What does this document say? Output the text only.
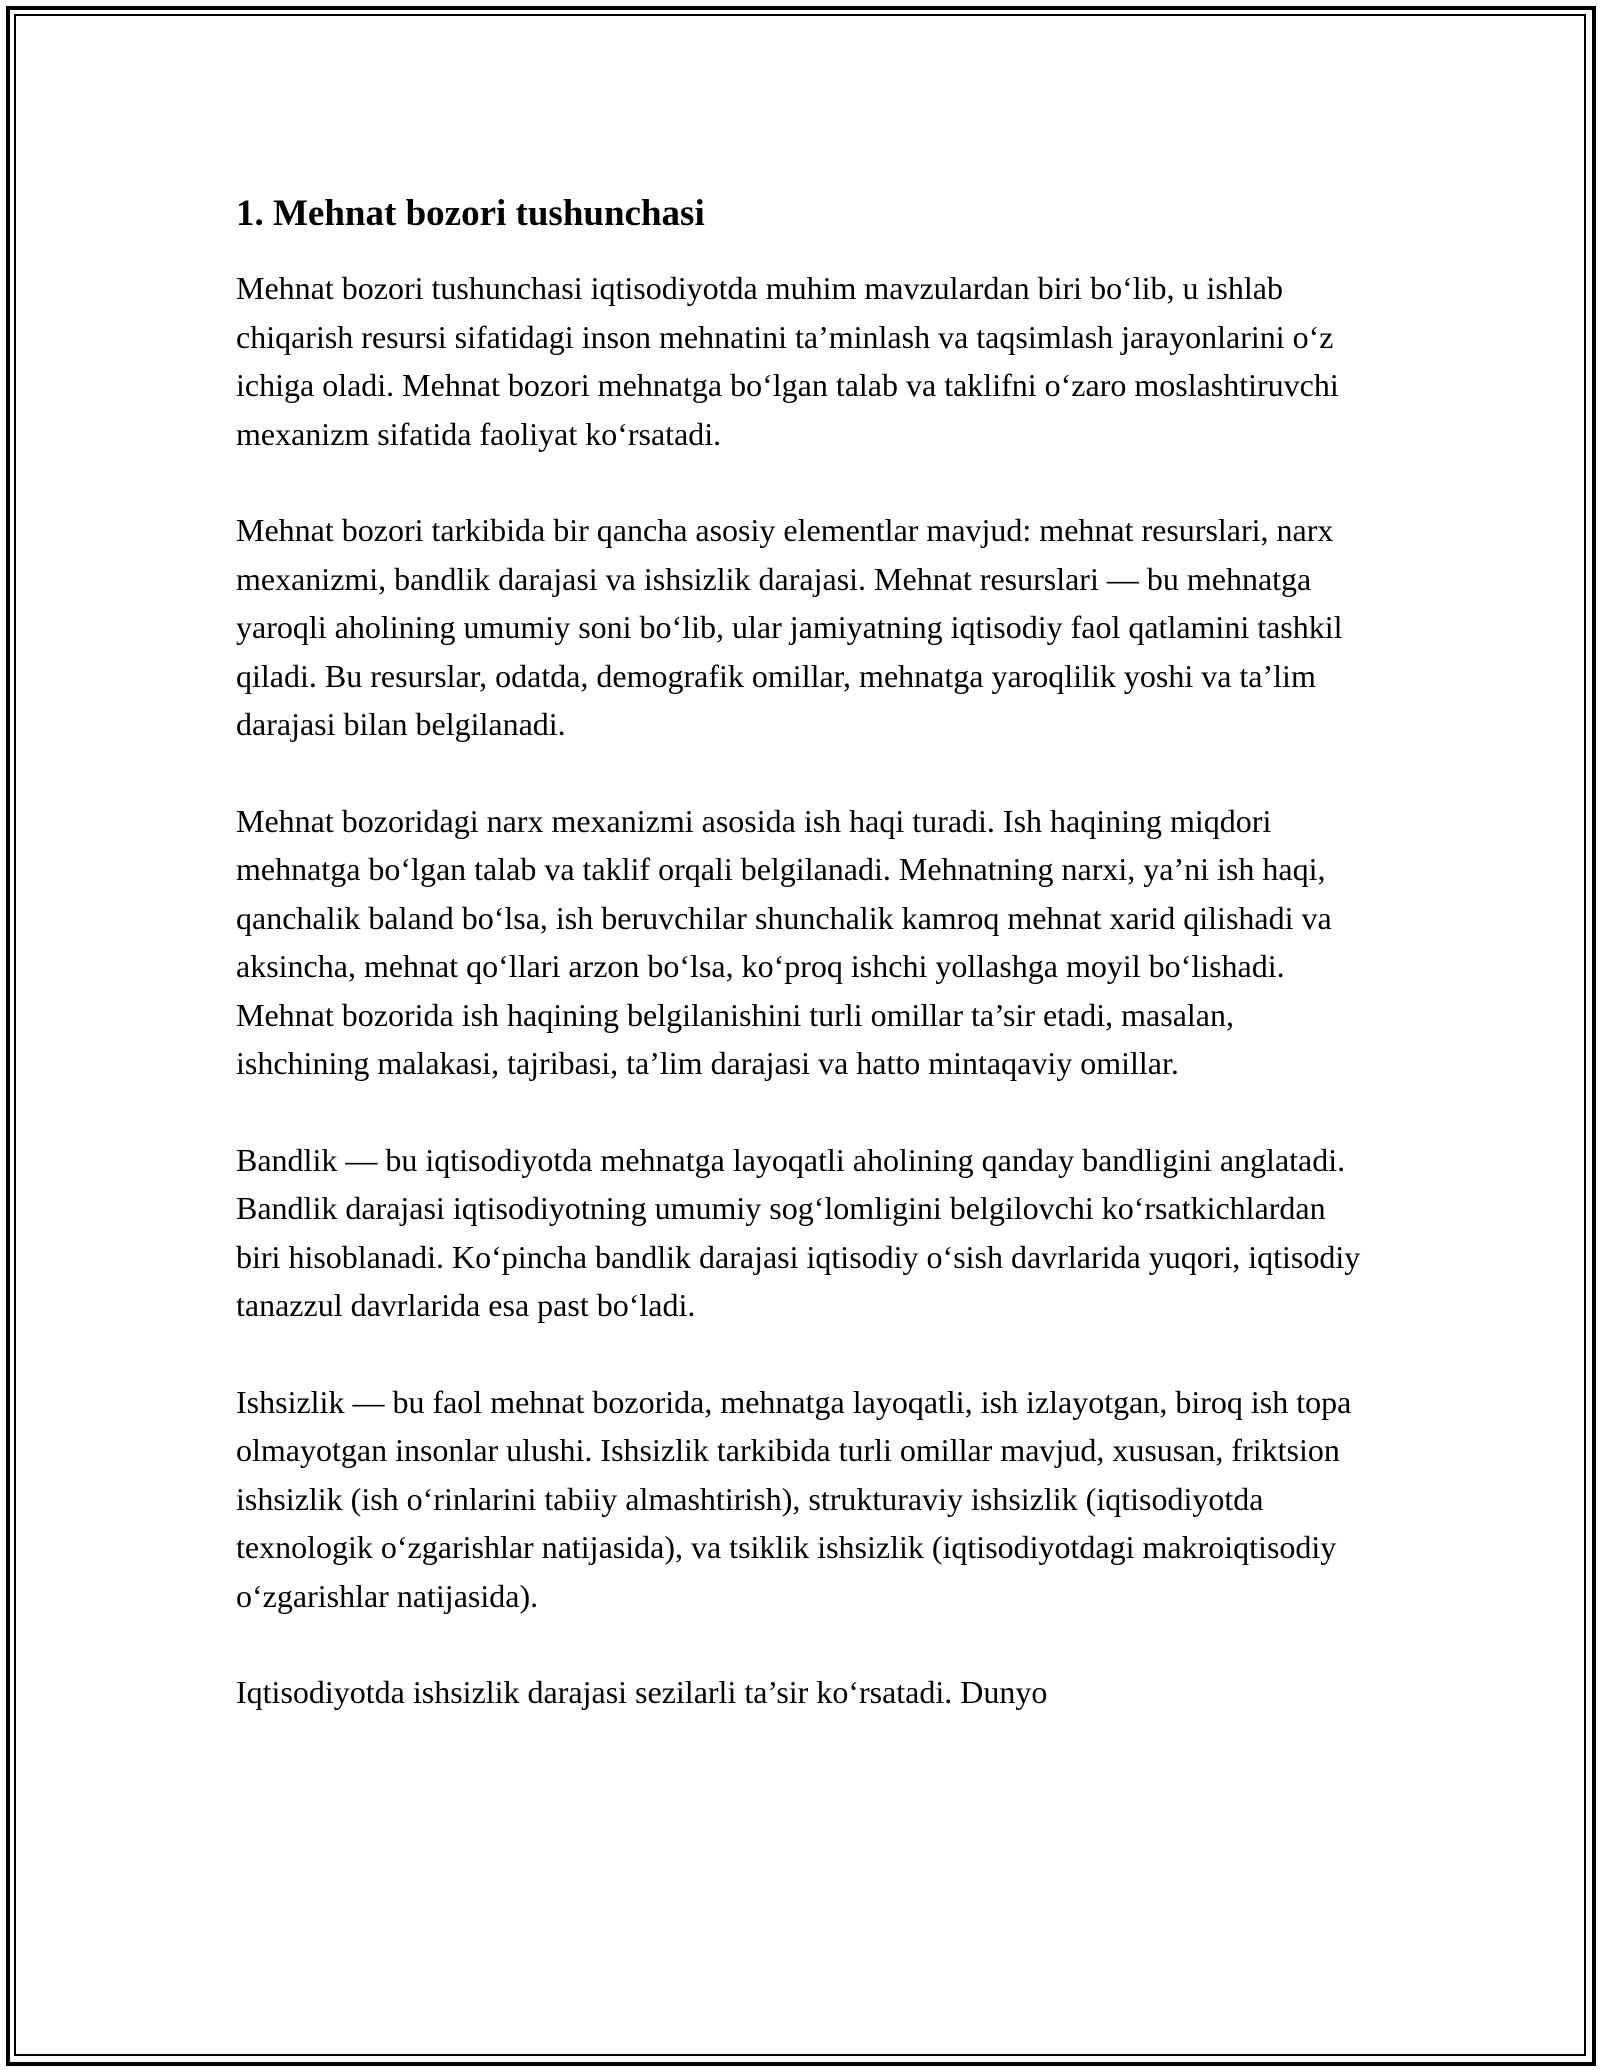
1. Mehnat bozori tushunchasi

Mehnat bozori tushunchasi iqtisodiyotda muhim mavzulardan biri bo‘lib, u ishlab chiqarish resursi sifatidagi inson mehnatini ta’minlash va taqsimlash jarayonlarini o‘z ichiga oladi. Mehnat bozori mehnatga bo‘lgan talab va taklifni o‘zaro moslashtiruvchi mexanizm sifatida faoliyat ko‘rsatadi.

Mehnat bozori tarkibida bir qancha asosiy elementlar mavjud: mehnat resurslari, narx mexanizmi, bandlik darajasi va ishsizlik darajasi. Mehnat resurslari — bu mehnatga yaroqli aholining umumiy soni bo‘lib, ular jamiyatning iqtisodiy faol qatlamini tashkil qiladi. Bu resurslar, odatda, demografik omillar, mehnatga yaroqlilik yoshi va ta’lim darajasi bilan belgilanadi.

Mehnat bozoridagi narx mexanizmi asosida ish haqi turadi. Ish haqining miqdori mehnatga bo‘lgan talab va taklif orqali belgilanadi. Mehnatning narxi, ya’ni ish haqi, qanchalik baland bo‘lsa, ish beruvchilar shunchalik kamroq mehnat xarid qilishadi va aksincha, mehnat qo‘llari arzon bo‘lsa, ko‘proq ishchi yollashga moyil bo‘lishadi. Mehnat bozorida ish haqining belgilanishini turli omillar ta’sir etadi, masalan, ishchining malakasi, tajribasi, ta’lim darajasi va hatto mintaqaviy omillar.

Bandlik — bu iqtisodiyotda mehnatga layoqatli aholining qanday bandligini anglatadi. Bandlik darajasi iqtisodiyotning umumiy sog‘lomligini belgilovchi ko‘rsatkichlardan biri hisoblanadi. Ko‘pincha bandlik darajasi iqtisodiy o‘sish davrlarida yuqori, iqtisodiy tanazzul davrlarida esa past bo‘ladi.

Ishsizlik — bu faol mehnat bozorida, mehnatga layoqatli, ish izlayotgan, biroq ish topa olmayotgan insonlar ulushi. Ishsizlik tarkibida turli omillar mavjud, xususan, friktsion ishsizlik (ish o‘rinlarini tabiiy almashtirish), strukturaviy ishsizlik (iqtisodiyotda texnologik o‘zgarishlar natijasida), va tsiklik ishsizlik (iqtisodiyotdagi makroiqtisodiy o‘zgarishlar natijasida).

Iqtisodiyotda ishsizlik darajasi sezilarli ta’sir ko‘rsatadi. Dunyo
